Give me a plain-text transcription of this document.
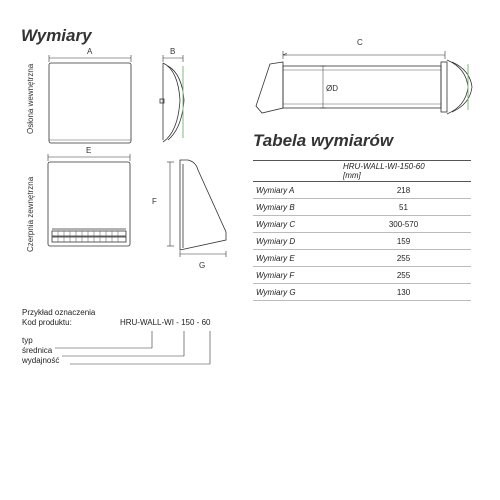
Wymiary
Osłona wewnętrzna
Czerpnia zewnętrzna
A	B
C
ØD
E
F
G
Tabela wymiarów
HRU-WALL-WI-150-60
[mm]	

Wymiary A	218
Wymiary B	51
Wymiary C	300-570
Wymiary D	159
Wymiary E	255
Wymiary F	255
Wymiary G	130
Przykład oznaczenia
Kod produktu:	HRU-WALL-WI - 150 - 60
typ
średnica
wydajność
